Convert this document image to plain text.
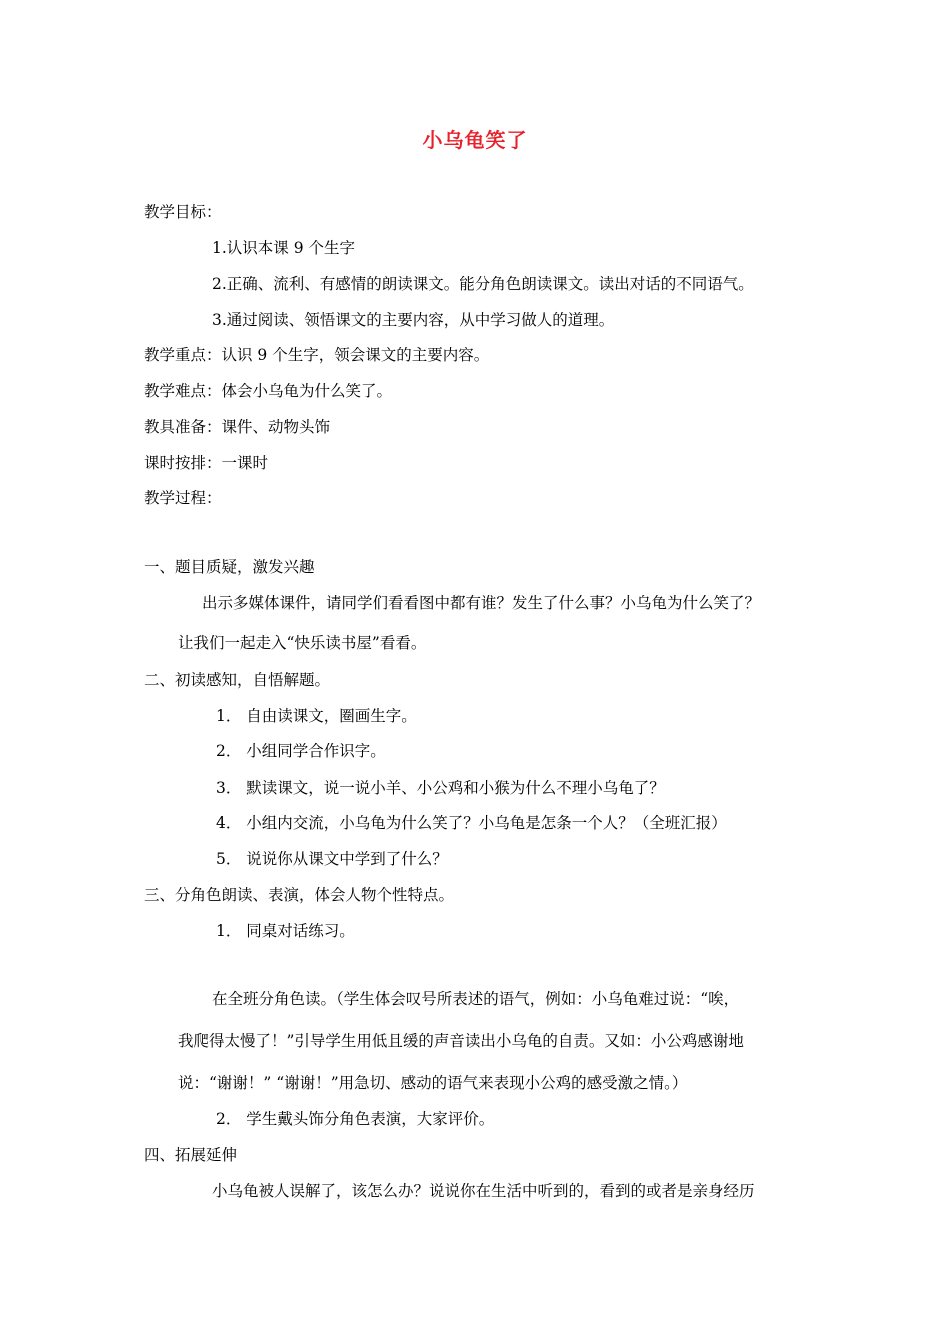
小乌龟笑了
教学目标：
1.认识本课 9 个生字
2.正确、流利、有感情的朗读课文。能分角色朗读课文。读出对话的不同语气。
3.通过阅读、领悟课文的主要内容，从中学习做人的道理。
教学重点：认识 9 个生字，领会课文的主要内容。
教学难点：体会小乌龟为什么笑了。
教具准备：课件、动物头饰
课时按排：一课时
教学过程：
一、题目质疑，激发兴趣
出示多媒体课件，请同学们看看图中都有谁？发生了什么事？小乌龟为什么笑了？
让我们一起走入“快乐读书屋”看看。
二、初读感知，自悟解题。
1． 自由读课文，圈画生字。
2． 小组同学合作识字。
3． 默读课文，说一说小羊、小公鸡和小猴为什么不理小乌龟了？
4． 小组内交流，小乌龟为什么笑了？小乌龟是怎条一个人？（全班汇报）
5． 说说你从课文中学到了什么？
三、分角色朗读、表演，体会人物个性特点。
1． 同桌对话练习。
在全班分角色读。（学生体会叹号所表述的语气，例如：小乌龟难过说：“唉，
我爬得太慢了！”引导学生用低且缓的声音读出小乌龟的自责。又如：小公鸡感谢地
说：“谢谢！” “谢谢！”用急切、感动的语气来表现小公鸡的感受激之情。）
2． 学生戴头饰分角色表演，大家评价。
四、拓展延伸
小乌龟被人误解了，该怎么办？说说你在生活中听到的，看到的或者是亲身经历
